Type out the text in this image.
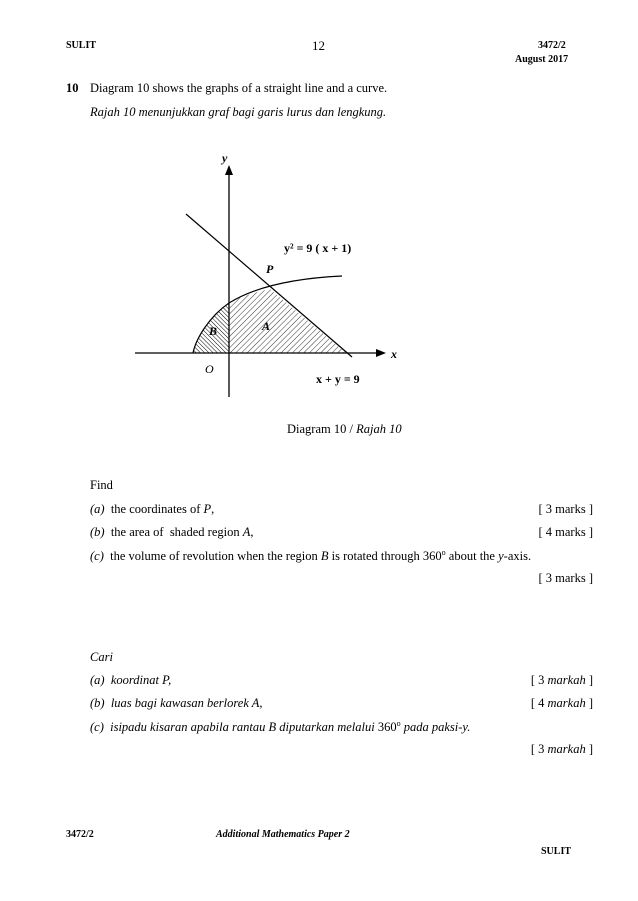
SULIT	12	3472/2
August 2017
10 Diagram 10 shows the graphs of a straight line and a curve.
Rajah 10 menunjukkan graf bagi garis lurus dan lengkung.
y
x
O
P
A
B
y² = 9 ( x + 1)
x + y = 9
Diagram 10 / Rajah 10
Find
(a)  the coordinates of P,	[ 3 marks ]
(b)  the area of  shaded region A,	[ 4 marks ]
(c)  the volume of revolution when the region B is rotated through 360$^o$ about the y-axis.
[ 3 marks ]
Cari
(a)  koordinat P,	[ 3 markah ]
(b)  luas bagi kawasan berlorek A,	[ 4 markah ]
(c)  isipadu kisaran apabila rantau B diputarkan melalui 360$^o$ pada paksi-y.
[ 3 markah ]
3472/2	Additional Mathematics Paper 2
SULIT
